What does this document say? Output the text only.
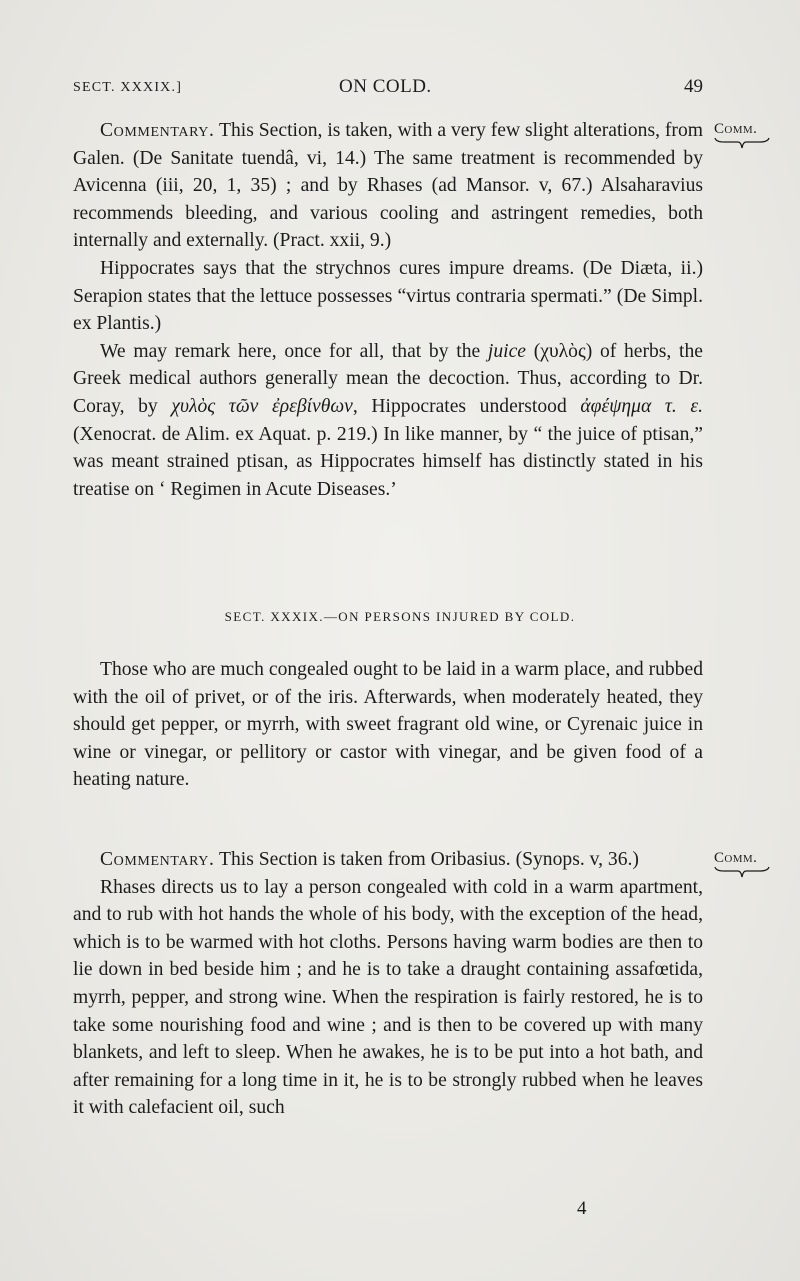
SECT. XXXIX.]	ON COLD.	49
Comm.

Commentary. This Section, is taken, with a very few slight alterations, from Galen. (De Sanitate tuendâ, vi, 14.) The same treatment is recommended by Avicenna (iii, 20, 1, 35) ; and by Rhases (ad Mansor. v, 67.) Alsaharavius recommends bleeding, and various cooling and astringent remedies, both internally and externally. (Pract. xxii, 9.)

Hippocrates says that the strychnos cures impure dreams. (De Diæta, ii.) Serapion states that the lettuce possesses “virtus contraria spermati.” (De Simpl. ex Plantis.)

We may remark here, once for all, that by the juice (χυλὸς) of herbs, the Greek medical authors generally mean the decoction. Thus, according to Dr. Coray, by χυλὸς τῶν ἐρεβίνθων, Hippocrates understood ἀφέψημα τ. ε. (Xenocrat. de Alim. ex Aquat. p. 219.) In like manner, by “ the juice of ptisan,” was meant strained ptisan, as Hippocrates himself has distinctly stated in his treatise on ‘ Regimen in Acute Diseases.’

SECT. XXXIX.—ON PERSONS INJURED BY COLD.

Those who are much congealed ought to be laid in a warm place, and rubbed with the oil of privet, or of the iris. Afterwards, when moderately heated, they should get pepper, or myrrh, with sweet fragrant old wine, or Cyrenaic juice in wine or vinegar, or pellitory or castor with vinegar, and be given food of a heating nature.

Comm.

Commentary. This Section is taken from Oribasius. (Synops. v, 36.)

Rhases directs us to lay a person congealed with cold in a warm apartment, and to rub with hot hands the whole of his body, with the exception of the head, which is to be warmed with hot cloths. Persons having warm bodies are then to lie down in bed beside him ; and he is to take a draught containing assafœtida, myrrh, pepper, and strong wine. When the respiration is fairly restored, he is to take some nourishing food and wine ; and is then to be covered up with many blankets, and left to sleep. When he awakes, he is to be put into a hot bath, and after remaining for a long time in it, he is to be strongly rubbed when he leaves it with calefacient oil, such

4
